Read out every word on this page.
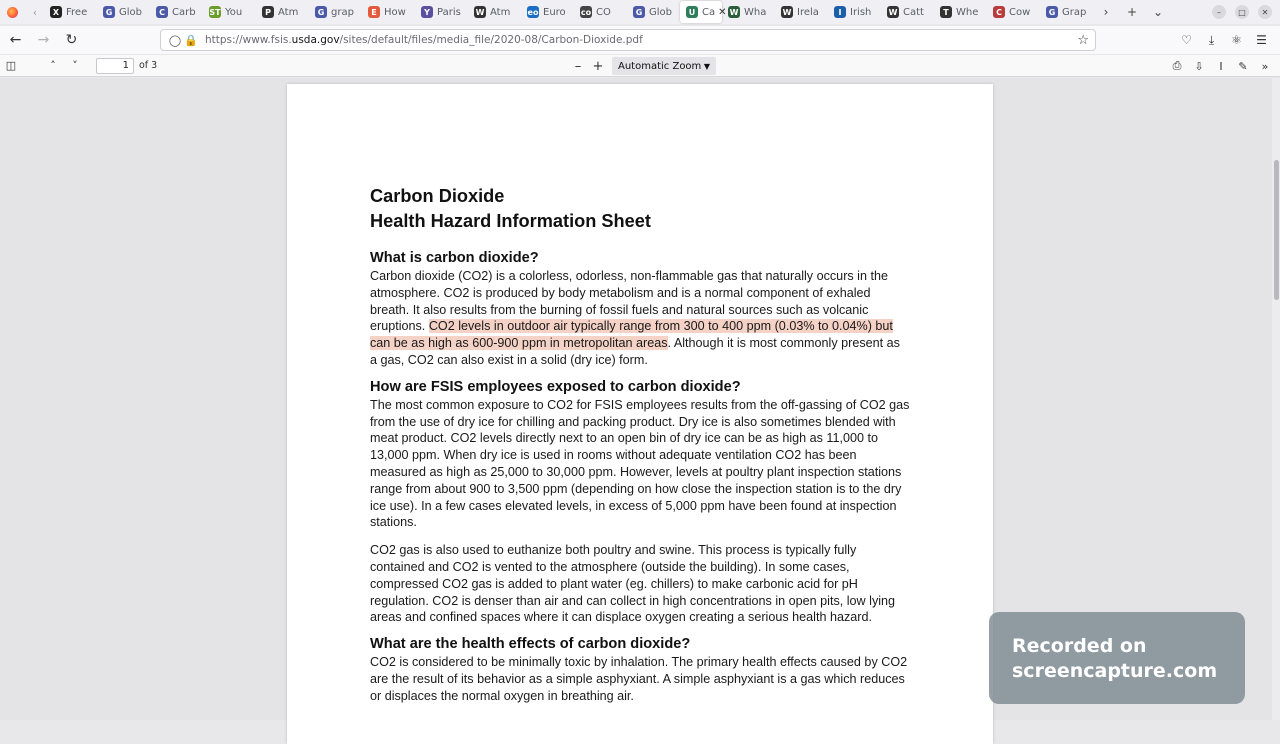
‹	X Free	G Glob	C Carb ST You	P Atm	G grap	E How	Y Paris W Atm eo Euro co CO	G Glob	U Ca ✕ W Wha W Irela	I Irish W Catt	T Whe	C Cow	G Grap	›	+	⌄	–	□	✕
←	→	↻	◯ 🔒 https://www.fsis.usda.gov/sites/default/files/media_file/2020-08/Carbon-Dioxide.pdf	☆	♡	⤓	⚛	☰
◫	˄	˅	1	of 3	– +	Automatic Zoom ▼	⎙	⇩	I	✎	»
Carbon Dioxide
Health Hazard Information Sheet
What is carbon dioxide?
Carbon dioxide (CO2) is a colorless, odorless, non-flammable gas that naturally occurs in the atmosphere. CO2 is produced by body metabolism and is a normal component of exhaled breath. It also results from the burning of fossil fuels and natural sources such as volcanic eruptions. CO2 levels in outdoor air typically range from 300 to 400 ppm (0.03% to 0.04%) but can be as high as 600-900 ppm in metropolitan areas. Although it is most commonly present as a gas, CO2 can also exist in a solid (dry ice) form.
How are FSIS employees exposed to carbon dioxide?
The most common exposure to CO2 for FSIS employees results from the off-gassing of CO2 gas from the use of dry ice for chilling and packing product. Dry ice is also sometimes blended with meat product. CO2 levels directly next to an open bin of dry ice can be as high as 11,000 to 13,000 ppm. When dry ice is used in rooms without adequate ventilation CO2 has been measured as high as 25,000 to 30,000 ppm. However, levels at poultry plant inspection stations range from about 900 to 3,500 ppm (depending on how close the inspection station is to the dry ice use). In a few cases elevated levels, in excess of 5,000 ppm have been found at inspection stations.
CO2 gas is also used to euthanize both poultry and swine. This process is typically fully contained and CO2 is vented to the atmosphere (outside the building). In some cases, compressed CO2 gas is added to plant water (eg. chillers) to make carbonic acid for pH regulation. CO2 is denser than air and can collect in high concentrations in open pits, low lying areas and confined spaces where it can displace oxygen creating a serious health hazard.
What are the health effects of carbon dioxide?
CO2 is considered to be minimally toxic by inhalation. The primary health effects caused by CO2 are the result of its behavior as a simple asphyxiant. A simple asphyxiant is a gas which reduces or displaces the normal oxygen in breathing air.
Recorded on
screencapture.com
